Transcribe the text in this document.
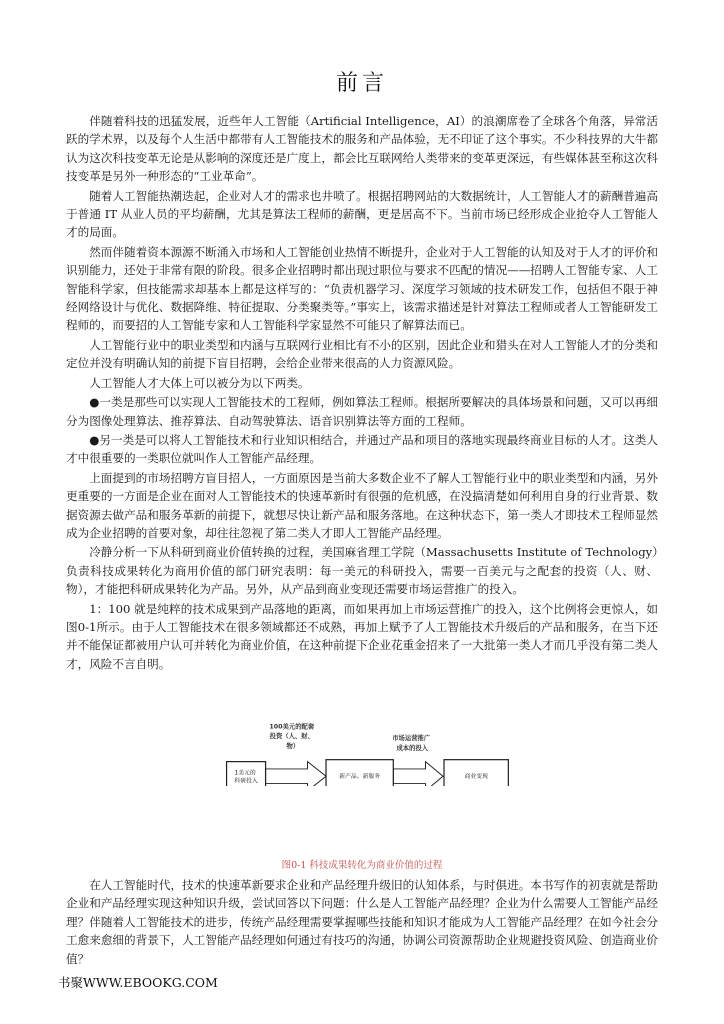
前言

伴随着科技的迅猛发展，近些年人工智能（Artificial Intelligence，AI）的浪潮席卷了全球各个角落，异常活跃的学术界，以及每个人生活中都带有人工智能技术的服务和产品体验，无不印证了这个事实。不少科技界的大牛都认为这次科技变革无论是从影响的深度还是广度上，都会比互联网给人类带来的变革更深远，有些媒体甚至称这次科技变革是另外一种形态的“工业革命”。

随着人工智能热潮迭起，企业对人才的需求也井喷了。根据招聘网站的大数据统计，人工智能人才的薪酬普遍高于普通 IT 从业人员的平均薪酬，尤其是算法工程师的薪酬，更是居高不下。当前市场已经形成企业抢夺人工智能人才的局面。

然而伴随着资本源源不断涌入市场和人工智能创业热情不断提升，企业对于人工智能的认知及对于人才的评价和识别能力，还处于非常有限的阶段。很多企业招聘时都出现过职位与要求不匹配的情况——招聘人工智能专家、人工智能科学家，但技能需求却基本上都是这样写的：“负责机器学习、深度学习领域的技术研发工作，包括但不限于神经网络设计与优化、数据降维、特征提取、分类聚类等。”事实上，该需求描述是针对算法工程师或者人工智能研发工程师的，而要招的人工智能专家和人工智能科学家显然不可能只了解算法而已。

人工智能行业中的职业类型和内涵与互联网行业相比有不小的区别，因此企业和猎头在对人工智能人才的分类和定位并没有明确认知的前提下盲目招聘，会给企业带来很高的人力资源风险。

人工智能人才大体上可以被分为以下两类。

●一类是那些可以实现人工智能技术的工程师，例如算法工程师。根据所要解决的具体场景和问题，又可以再细分为图像处理算法、推荐算法、自动驾驶算法、语音识别算法等方面的工程师。

●另一类是可以将人工智能技术和行业知识相结合，并通过产品和项目的落地实现最终商业目标的人才。这类人才中很重要的一类职位就叫作人工智能产品经理。

上面提到的市场招聘方盲目招人，一方面原因是当前大多数企业不了解人工智能行业中的职业类型和内涵，另外更重要的一方面是企业在面对人工智能技术的快速革新时有很强的危机感，在没搞清楚如何利用自身的行业背景、数据资源去做产品和服务革新的前提下，就想尽快让新产品和服务落地。在这种状态下，第一类人才即技术工程师显然成为企业招聘的首要对象，却往往忽视了第二类人才即人工智能产品经理。

冷静分析一下从科研到商业价值转换的过程，美国麻省理工学院（Massachusetts Institute of Technology）负责科技成果转化为商用价值的部门研究表明：每一美元的科研投入，需要一百美元与之配套的投资（人、财、物），才能把科研成果转化为产品。另外，从产品到商业变现还需要市场运营推广的投入。

1：100 就是纯粹的技术成果到产品落地的距离，而如果再加上市场运营推广的投入，这个比例将会更惊人，如图0-1所示。由于人工智能技术在很多领域都还不成熟，再加上赋予了人工智能技术升级后的产品和服务，在当下还并不能保证都被用户认可并转化为商业价值，在这种前提下企业花重金招来了一大批第一类人才而几乎没有第二类人才，风险不言自明。

1美元的 科研投入
新产品、新服务	商业变现
100美元的配套 投资（人、财、 物）
市场运营推广 成本的投入
图0-1 科技成果转化为商业价值的过程

在人工智能时代，技术的快速革新要求企业和产品经理升级旧的认知体系，与时俱进。本书写作的初衷就是帮助企业和产品经理实现这种知识升级，尝试回答以下问题：什么是人工智能产品经理？企业为什么需要人工智能产品经理？伴随着人工智能技术的进步，传统产品经理需要掌握哪些技能和知识才能成为人工智能产品经理？在如今社会分工愈来愈细的背景下，人工智能产品经理如何通过有技巧的沟通，协调公司资源帮助企业规避投资风险、创造商业价值？

书聚WWW.EBOOKG.COM
